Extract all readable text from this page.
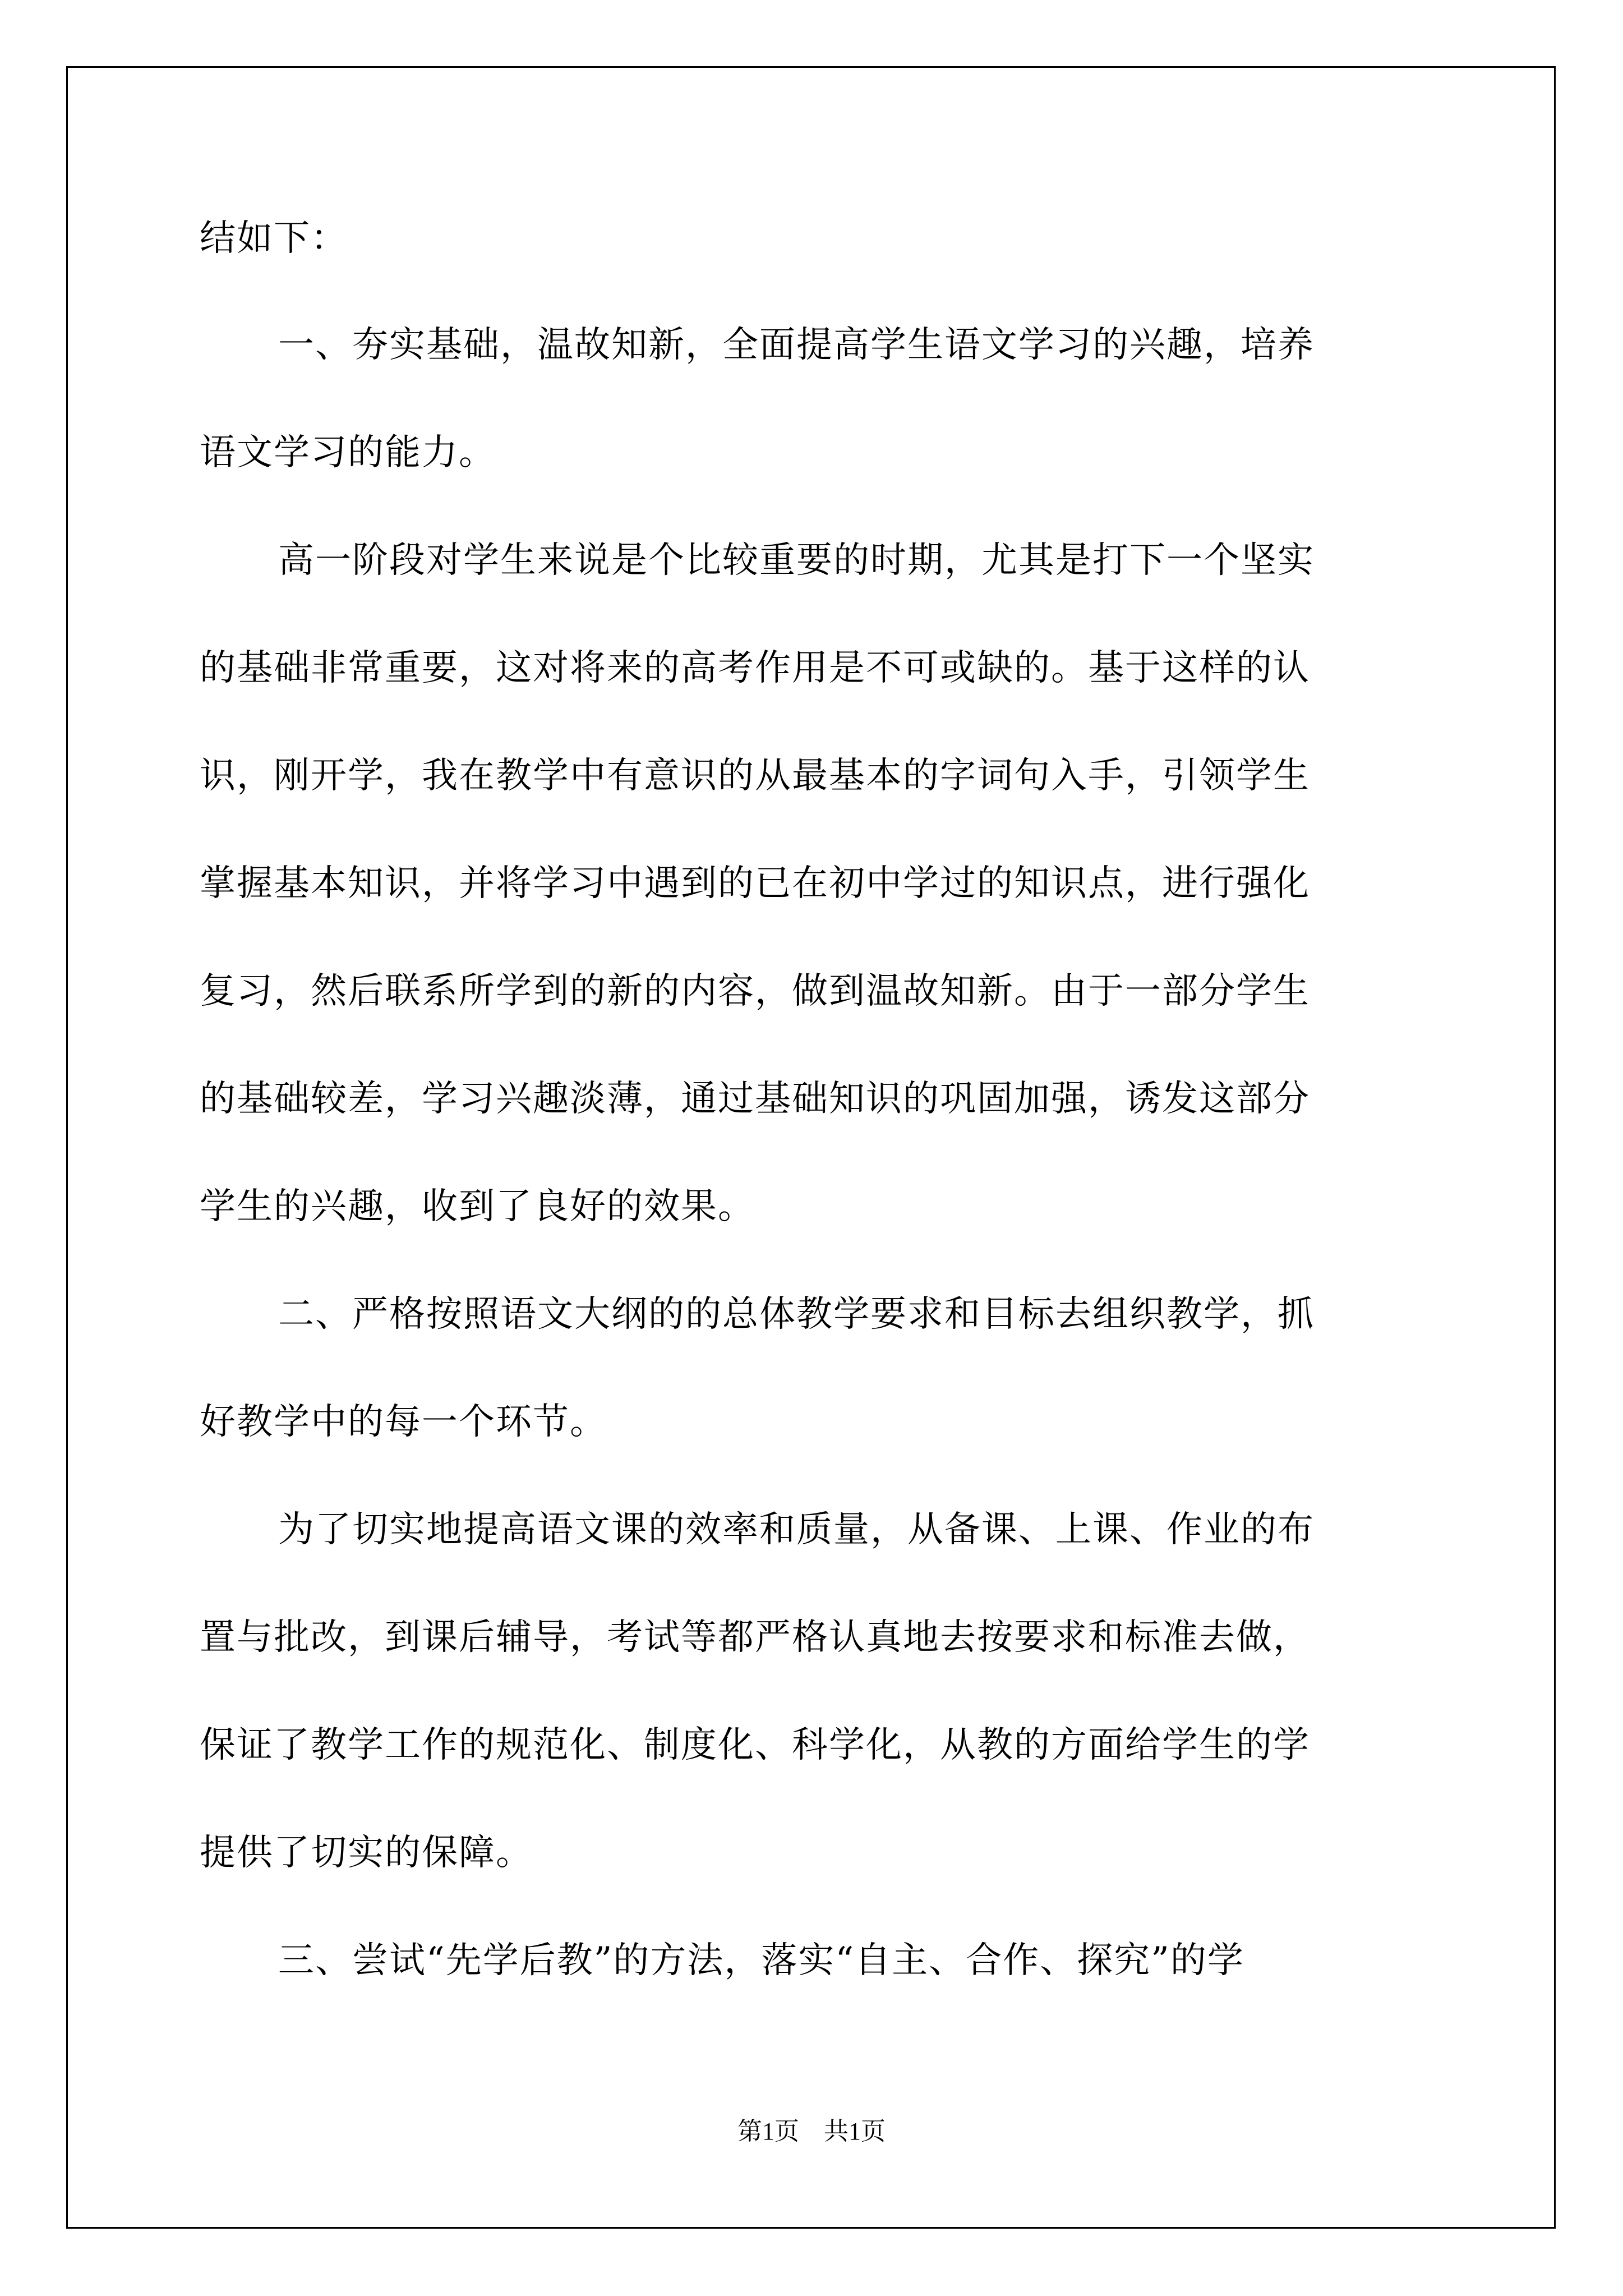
结如下：
一、夯实基础，温故知新，全面提高学生语文学习的兴趣，培养
语文学习的能力。
高一阶段对学生来说是个比较重要的时期，尤其是打下一个坚实
的基础非常重要，这对将来的高考作用是不可或缺的。基于这样的认
识，刚开学，我在教学中有意识的从最基本的字词句入手，引领学生
掌握基本知识，并将学习中遇到的已在初中学过的知识点，进行强化
复习，然后联系所学到的新的内容，做到温故知新。由于一部分学生
的基础较差，学习兴趣淡薄，通过基础知识的巩固加强，诱发这部分
学生的兴趣，收到了良好的效果。
二、严格按照语文大纲的的总体教学要求和目标去组织教学，抓
好教学中的每一个环节。
为了切实地提高语文课的效率和质量，从备课、上课、作业的布
置与批改，到课后辅导，考试等都严格认真地去按要求和标准去做，
保证了教学工作的规范化、制度化、科学化，从教的方面给学生的学
提供了切实的保障。
三、尝试“先学后教”的方法，落实“自主、合作、探究”的学
第1页　共1页
